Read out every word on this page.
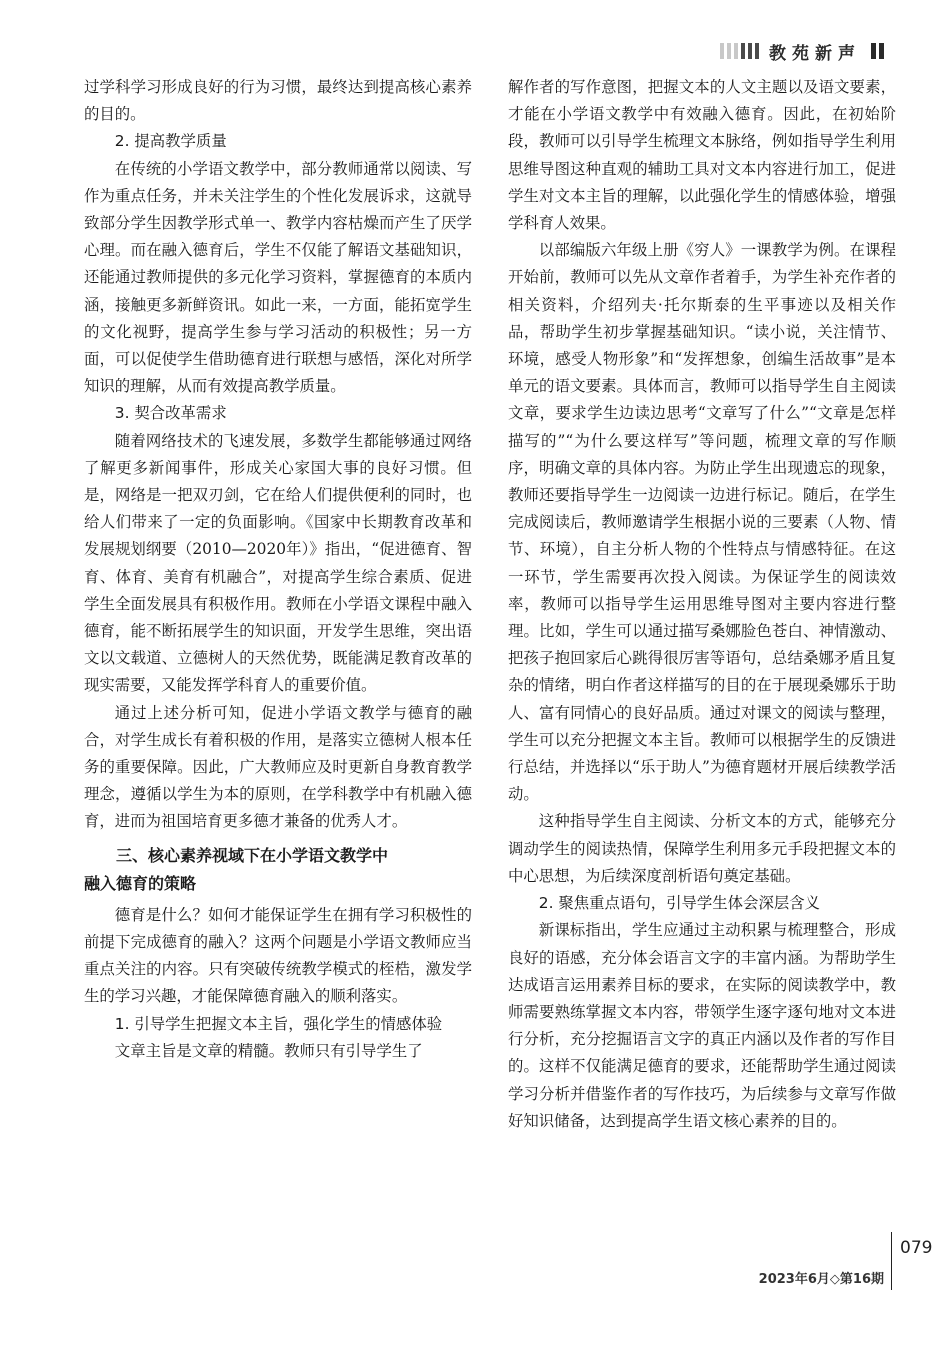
教苑新声

过学科学习形成良好的行为习惯，最终达到提高核心素养的目的。

2. 提高教学质量

在传统的小学语文教学中，部分教师通常以阅读、写作为重点任务，并未关注学生的个性化发展诉求，这就导致部分学生因教学形式单一、教学内容枯燥而产生了厌学心理。而在融入德育后，学生不仅能了解语文基础知识，还能通过教师提供的多元化学习资料，掌握德育的本质内涵，接触更多新鲜资讯。如此一来，一方面，能拓宽学生的文化视野，提高学生参与学习活动的积极性；另一方面，可以促使学生借助德育进行联想与感悟，深化对所学知识的理解，从而有效提高教学质量。

3. 契合改革需求

随着网络技术的飞速发展，多数学生都能够通过网络了解更多新闻事件，形成关心家国大事的良好习惯。但是，网络是一把双刃剑，它在给人们提供便利的同时，也给人们带来了一定的负面影响。《国家中长期教育改革和发展规划纲要（2010—2020年）》指出，“促进德育、智育、体育、美育有机融合”，对提高学生综合素质、促进学生全面发展具有积极作用。教师在小学语文课程中融入德育，能不断拓展学生的知识面，开发学生思维，突出语文以文载道、立德树人的天然优势，既能满足教育改革的现实需要，又能发挥学科育人的重要价值。

通过上述分析可知，促进小学语文教学与德育的融合，对学生成长有着积极的作用，是落实立德树人根本任务的重要保障。因此，广大教师应及时更新自身教育教学理念，遵循以学生为本的原则，在学科教学中有机融入德育，进而为祖国培育更多德才兼备的优秀人才。

三、核心素养视域下在小学语文教学中
融入德育的策略

德育是什么？如何才能保证学生在拥有学习积极性的前提下完成德育的融入？这两个问题是小学语文教师应当重点关注的内容。只有突破传统教学模式的桎梏，激发学生的学习兴趣，才能保障德育融入的顺利落实。

1. 引导学生把握文本主旨，强化学生的情感体验

文章主旨是文章的精髓。教师只有引导学生了

解作者的写作意图，把握文本的人文主题以及语文要素，才能在小学语文教学中有效融入德育。因此，在初始阶段，教师可以引导学生梳理文本脉络，例如指导学生利用思维导图这种直观的辅助工具对文本内容进行加工，促进学生对文本主旨的理解，以此强化学生的情感体验，增强学科育人效果。

以部编版六年级上册《穷人》一课教学为例。在课程开始前，教师可以先从文章作者着手，为学生补充作者的相关资料，介绍列夫·托尔斯泰的生平事迹以及相关作品，帮助学生初步掌握基础知识。“读小说，关注情节、环境，感受人物形象”和“发挥想象，创编生活故事”是本单元的语文要素。具体而言，教师可以指导学生自主阅读文章，要求学生边读边思考“文章写了什么”“文章是怎样描写的”“为什么要这样写”等问题，梳理文章的写作顺序，明确文章的具体内容。为防止学生出现遗忘的现象，教师还要指导学生一边阅读一边进行标记。随后，在学生完成阅读后，教师邀请学生根据小说的三要素（人物、情节、环境），自主分析人物的个性特点与情感特征。在这一环节，学生需要再次投入阅读。为保证学生的阅读效率，教师可以指导学生运用思维导图对主要内容进行整理。比如，学生可以通过描写桑娜脸色苍白、神情激动、把孩子抱回家后心跳得很厉害等语句，总结桑娜矛盾且复杂的情绪，明白作者这样描写的目的在于展现桑娜乐于助人、富有同情心的良好品质。通过对课文的阅读与整理，学生可以充分把握文本主旨。教师可以根据学生的反馈进行总结，并选择以“乐于助人”为德育题材开展后续教学活动。

这种指导学生自主阅读、分析文本的方式，能够充分调动学生的阅读热情，保障学生利用多元手段把握文本的中心思想，为后续深度剖析语句奠定基础。

2. 聚焦重点语句，引导学生体会深层含义

新课标指出，学生应通过主动积累与梳理整合，形成良好的语感，充分体会语言文字的丰富内涵。为帮助学生达成语言运用素养目标的要求，在实际的阅读教学中，教师需要熟练掌握文本内容，带领学生逐字逐句地对文本进行分析，充分挖掘语言文字的真正内涵以及作者的写作目的。这样不仅能满足德育的要求，还能帮助学生通过阅读学习分析并借鉴作者的写作技巧，为后续参与文章写作做好知识储备，达到提高学生语文核心素养的目的。

079
2023年6月◇第16期
